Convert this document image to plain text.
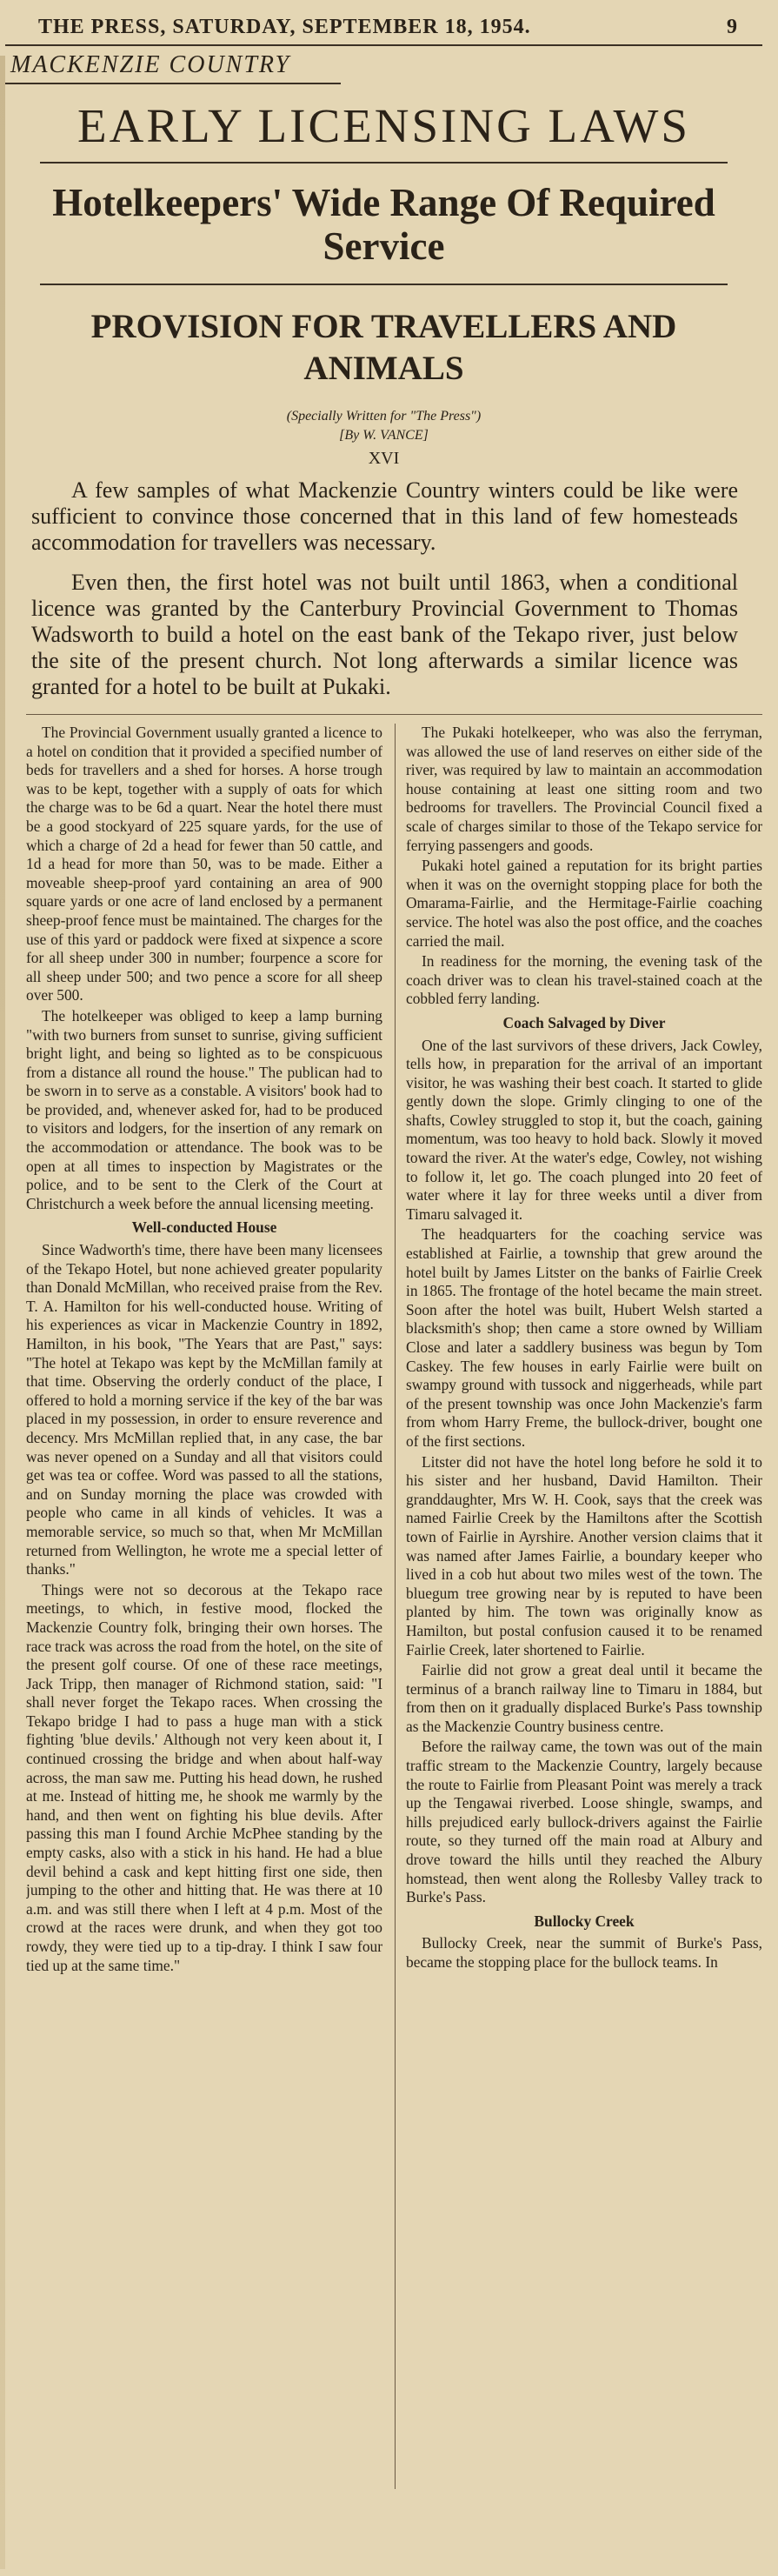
THE PRESS, SATURDAY, SEPTEMBER 18, 1954.	9
MACKENZIE COUNTRY
EARLY LICENSING LAWS
Hotelkeepers' Wide Range Of Required Service
PROVISION FOR TRAVELLERS AND ANIMALS
(Specially Written for "The Press")
[By W. VANCE]
XVI

A few samples of what Mackenzie Country winters could be like were sufficient to convince those concerned that in this land of few homesteads accommodation for travellers was necessary.

Even then, the first hotel was not built until 1863, when a conditional licence was granted by the Canterbury Provincial Government to Thomas Wadsworth to build a hotel on the east bank of the Tekapo river, just below the site of the present church. Not long afterwards a similar licence was granted for a hotel to be built at Pukaki.

The Provincial Government usually granted a licence to a hotel on condition that it provided a specified number of beds for travellers and a shed for horses. A horse trough was to be kept, together with a supply of oats for which the charge was to be 6d a quart. Near the hotel there must be a good stockyard of 225 square yards, for the use of which a charge of 2d a head for fewer than 50 cattle, and 1d a head for more than 50, was to be made. Either a moveable sheep-proof yard containing an area of 900 square yards or one acre of land enclosed by a permanent sheep-proof fence must be maintained. The charges for the use of this yard or paddock were fixed at sixpence a score for all sheep under 300 in number; fourpence a score for all sheep under 500; and two pence a score for all sheep over 500.

The hotelkeeper was obliged to keep a lamp burning "with two burners from sunset to sunrise, giving sufficient bright light, and being so lighted as to be conspicuous from a distance all round the house." The publican had to be sworn in to serve as a constable. A visitors' book had to be provided, and, whenever asked for, had to be produced to visitors and lodgers, for the insertion of any remark on the accommodation or attendance. The book was to be open at all times to inspection by Magistrates or the police, and to be sent to the Clerk of the Court at Christchurch a week before the annual licensing meeting.

Well-conducted House

Since Wadworth's time, there have been many licensees of the Tekapo Hotel, but none achieved greater popularity than Donald McMillan, who received praise from the Rev. T. A. Hamilton for his well-conducted house. Writing of his experiences as vicar in Mackenzie Country in 1892, Hamilton, in his book, "The Years that are Past," says: "The hotel at Tekapo was kept by the McMillan family at that time. Observing the orderly conduct of the place, I offered to hold a morning service if the key of the bar was placed in my possession, in order to ensure reverence and decency. Mrs McMillan replied that, in any case, the bar was never opened on a Sunday and all that visitors could get was tea or coffee. Word was passed to all the stations, and on Sunday morning the place was crowded with people who came in all kinds of vehicles. It was a memorable service, so much so that, when Mr McMillan returned from Wellington, he wrote me a special letter of thanks."

Things were not so decorous at the Tekapo race meetings, to which, in festive mood, flocked the Mackenzie Country folk, bringing their own horses. The race track was across the road from the hotel, on the site of the present golf course. Of one of these race meetings, Jack Tripp, then manager of Richmond station, said: "I shall never forget the Tekapo races. When crossing the Tekapo bridge I had to pass a huge man with a stick fighting 'blue devils.' Although not very keen about it, I continued crossing the bridge and when about half-way across, the man saw me. Putting his head down, he rushed at me. Instead of hitting me, he shook me warmly by the hand, and then went on fighting his blue devils. After passing this man I found Archie McPhee standing by the empty casks, also with a stick in his hand. He had a blue devil behind a cask and kept hitting first one side, then jumping to the other and hitting that. He was there at 10 a.m. and was still there when I left at 4 p.m. Most of the crowd at the races were drunk, and when they got too rowdy, they were tied up to a tip-dray. I think I saw four tied up at the same time."

The Pukaki hotelkeeper, who was also the ferryman, was allowed the use of land reserves on either side of the river, was required by law to maintain an accommodation house containing at least one sitting room and two bedrooms for travellers. The Provincial Council fixed a scale of charges similar to those of the Tekapo service for ferrying passengers and goods.

Pukaki hotel gained a reputation for its bright parties when it was on the overnight stopping place for both the Omarama-Fairlie, and the Hermitage-Fairlie coaching service. The hotel was also the post office, and the coaches carried the mail.

In readiness for the morning, the evening task of the coach driver was to clean his travel-stained coach at the cobbled ferry landing.

Coach Salvaged by Diver

One of the last survivors of these drivers, Jack Cowley, tells how, in preparation for the arrival of an important visitor, he was washing their best coach. It started to glide gently down the slope. Grimly clinging to one of the shafts, Cowley struggled to stop it, but the coach, gaining momentum, was too heavy to hold back. Slowly it moved toward the river. At the water's edge, Cowley, not wishing to follow it, let go. The coach plunged into 20 feet of water where it lay for three weeks until a diver from Timaru salvaged it.

The headquarters for the coaching service was established at Fairlie, a township that grew around the hotel built by James Litster on the banks of Fairlie Creek in 1865. The frontage of the hotel became the main street. Soon after the hotel was built, Hubert Welsh started a blacksmith's shop; then came a store owned by William Close and later a saddlery business was begun by Tom Caskey. The few houses in early Fairlie were built on swampy ground with tussock and niggerheads, while part of the present township was once John Mackenzie's farm from whom Harry Freme, the bullock-driver, bought one of the first sections.

Litster did not have the hotel long before he sold it to his sister and her husband, David Hamilton. Their granddaughter, Mrs W. H. Cook, says that the creek was named Fairlie Creek by the Hamiltons after the Scottish town of Fairlie in Ayrshire. Another version claims that it was named after James Fairlie, a boundary keeper who lived in a cob hut about two miles west of the town. The bluegum tree growing near by is reputed to have been planted by him. The town was originally know as Hamilton, but postal confusion caused it to be renamed Fairlie Creek, later shortened to Fairlie.

Fairlie did not grow a great deal until it became the terminus of a branch railway line to Timaru in 1884, but from then on it gradually displaced Burke's Pass township as the Mackenzie Country business centre.

Before the railway came, the town was out of the main traffic stream to the Mackenzie Country, largely because the route to Fairlie from Pleasant Point was merely a track up the Tengawai riverbed. Loose shingle, swamps, and hills prejudiced early bullock-drivers against the Fairlie route, so they turned off the main road at Albury and drove toward the hills until they reached the Albury homstead, then went along the Rollesby Valley track to Burke's Pass.

Bullocky Creek

Bullocky Creek, near the summit of Burke's Pass, became the stopping place for the bullock teams. In
